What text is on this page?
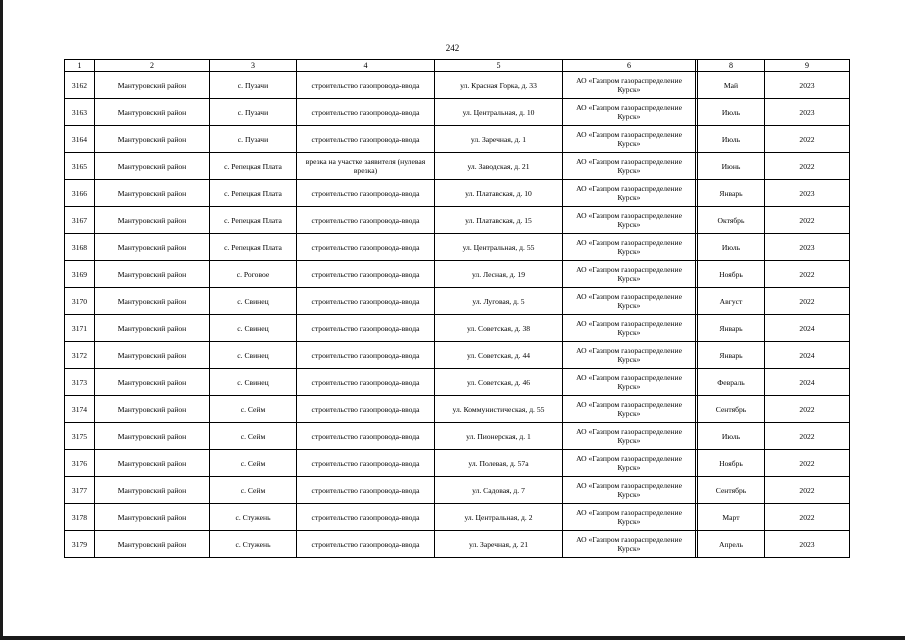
242
1	2	3	4	5	6		8	9
3162	Мантуровский район	с. Пузачи	строительство газопровода-ввода	ул. Красная Горка, д. 33	АО «Газпром газораспределение Курск»		Май	2023
3163	Мантуровский район	с. Пузачи	строительство газопровода-ввода	ул. Центральная, д. 10	АО «Газпром газораспределение Курск»		Июль	2023
3164	Мантуровский район	с. Пузачи	строительство газопровода-ввода	ул. Заречная, д. 1	АО «Газпром газораспределение Курск»		Июль	2022
3165	Мантуровский район	с. Репецкая Плата	врезка на участке заявителя (нулевая врезка)	ул. Заводская, д. 21	АО «Газпром газораспределение Курск»		Июнь	2022
3166	Мантуровский район	с. Репецкая Плата	строительство газопровода-ввода	ул. Платавская, д. 10	АО «Газпром газораспределение Курск»		Январь	2023
3167	Мантуровский район	с. Репецкая Плата	строительство газопровода-ввода	ул. Платавская, д. 15	АО «Газпром газораспределение Курск»		Октябрь	2022
3168	Мантуровский район	с. Репецкая Плата	строительство газопровода-ввода	ул. Центральная, д. 55	АО «Газпром газораспределение Курск»		Июль	2023
3169	Мантуровский район	с. Роговое	строительство газопровода-ввода	ул. Лесная, д. 19	АО «Газпром газораспределение Курск»		Ноябрь	2022
3170	Мантуровский район	с. Свинец	строительство газопровода-ввода	ул. Луговая, д. 5	АО «Газпром газораспределение Курск»		Август	2022
3171	Мантуровский район	с. Свинец	строительство газопровода-ввода	ул. Советская, д. 38	АО «Газпром газораспределение Курск»		Январь	2024
3172	Мантуровский район	с. Свинец	строительство газопровода-ввода	ул. Советская, д. 44	АО «Газпром газораспределение Курск»		Январь	2024
3173	Мантуровский район	с. Свинец	строительство газопровода-ввода	ул. Советская, д. 46	АО «Газпром газораспределение Курск»		Февраль	2024
3174	Мантуровский район	с. Сейм	строительство газопровода-ввода	ул. Коммунистическая, д. 55	АО «Газпром газораспределение Курск»		Сентябрь	2022
3175	Мантуровский район	с. Сейм	строительство газопровода-ввода	ул. Пионерская, д. 1	АО «Газпром газораспределение Курск»		Июль	2022
3176	Мантуровский район	с. Сейм	строительство газопровода-ввода	ул. Полевая, д. 57а	АО «Газпром газораспределение Курск»		Ноябрь	2022
3177	Мантуровский район	с. Сейм	строительство газопровода-ввода	ул. Садовая, д. 7	АО «Газпром газораспределение Курск»		Сентябрь	2022
3178	Мантуровский район	с. Стужень	строительство газопровода-ввода	ул. Центральная, д. 2	АО «Газпром газораспределение Курск»		Март	2022
3179	Мантуровский район	с. Стужень	строительство газопровода-ввода	ул. Заречная, д. 21	АО «Газпром газораспределение Курск»		Апрель	2023
